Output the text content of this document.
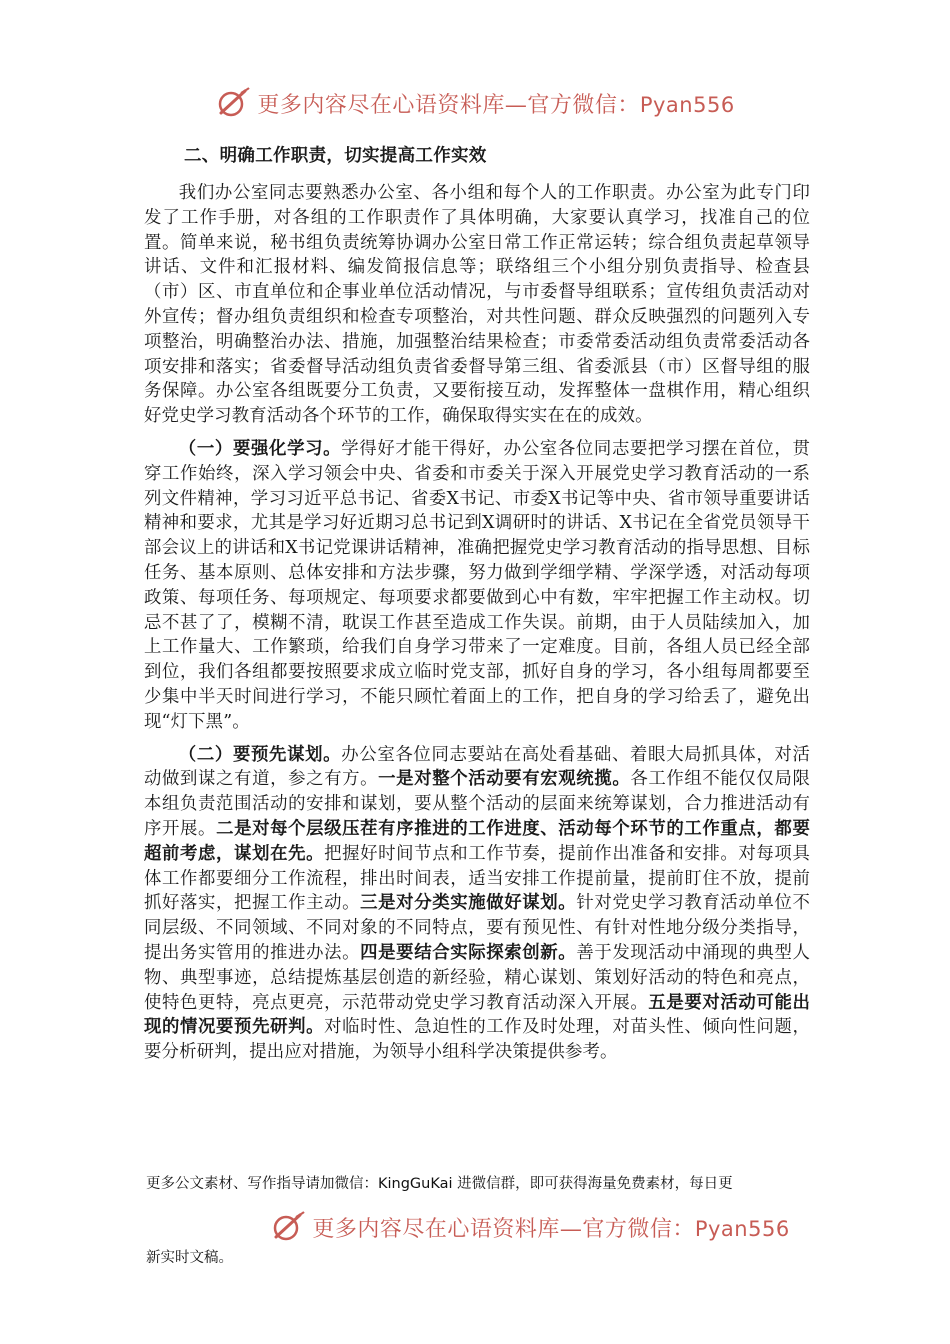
更多内容尽在心语资料库—官方微信：Pyan556
二、明确工作职责，切实提高工作实效

我们办公室同志要熟悉办公室、各小组和每个人的工作职责。办公室为此专门印发了工作手册，对各组的工作职责作了具体明确，大家要认真学习，找准自己的位置。简单来说，秘书组负责统筹协调办公室日常工作正常运转；综合组负责起草领导讲话、文件和汇报材料、编发简报信息等；联络组三个小组分别负责指导、检查县（市）区、市直单位和企事业单位活动情况，与市委督导组联系；宣传组负责活动对外宣传；督办组负责组织和检查专项整治，对共性问题、群众反映强烈的问题列入专项整治，明确整治办法、措施，加强整治结果检查；市委常委活动组负责常委活动各项安排和落实；省委督导活动组负责省委督导第三组、省委派县（市）区督导组的服务保障。办公室各组既要分工负责，又要衔接互动，发挥整体一盘棋作用，精心组织好党史学习教育活动各个环节的工作，确保取得实实在在的成效。

（一）要强化学习。学得好才能干得好，办公室各位同志要把学习摆在首位，贯穿工作始终，深入学习领会中央、省委和市委关于深入开展党史学习教育活动的一系列文件精神，学习习近平总书记、省委X书记、市委X书记等中央、省市领导重要讲话精神和要求，尤其是学习好近期习总书记到X调研时的讲话、X书记在全省党员领导干部会议上的讲话和X书记党课讲话精神，准确把握党史学习教育活动的指导思想、目标任务、基本原则、总体安排和方法步骤，努力做到学细学精、学深学透，对活动每项政策、每项任务、每项规定、每项要求都要做到心中有数，牢牢把握工作主动权。切忌不甚了了，模糊不清，耽误工作甚至造成工作失误。前期，由于人员陆续加入，加上工作量大、工作繁琐，给我们自身学习带来了一定难度。目前，各组人员已经全部到位，我们各组都要按照要求成立临时党支部，抓好自身的学习，各小组每周都要至少集中半天时间进行学习，不能只顾忙着面上的工作，把自身的学习给丢了，避免出现“灯下黑”。

（二）要预先谋划。办公室各位同志要站在高处看基础、着眼大局抓具体，对活动做到谋之有道，参之有方。一是对整个活动要有宏观统揽。各工作组不能仅仅局限本组负责范围活动的安排和谋划，要从整个活动的层面来统筹谋划，合力推进活动有序开展。二是对每个层级压茬有序推进的工作进度、活动每个环节的工作重点，都要超前考虑，谋划在先。把握好时间节点和工作节奏，提前作出准备和安排。对每项具体工作都要细分工作流程，排出时间表，适当安排工作提前量，提前盯住不放，提前抓好落实，把握工作主动。三是对分类实施做好谋划。针对党史学习教育活动单位不同层级、不同领域、不同对象的不同特点，要有预见性、有针对性地分级分类指导，提出务实管用的推进办法。四是要结合实际探索创新。善于发现活动中涌现的典型人物、典型事迹，总结提炼基层创造的新经验，精心谋划、策划好活动的特色和亮点，使特色更特，亮点更亮，示范带动党史学习教育活动深入开展。五是要对活动可能出现的情况要预先研判。对临时性、急迫性的工作及时处理，对苗头性、倾向性问题，要分析研判，提出应对措施，为领导小组科学决策提供参考。

更多公文素材、写作指导请加微信：KingGuKai 进微信群，即可获得海量免费素材，每日更
更多内容尽在心语资料库—官方微信：Pyan556
新实时文稿。
